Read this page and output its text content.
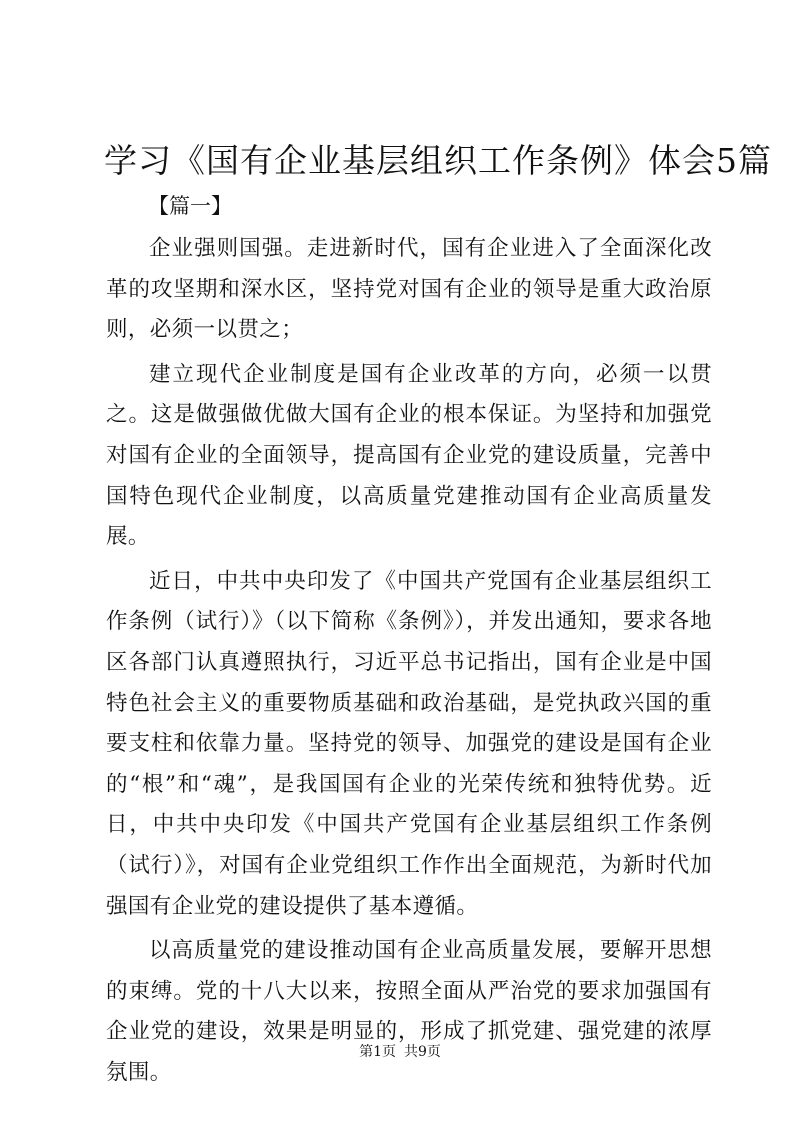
学习《国有企业基层组织工作条例》体会5篇
【篇一】

企业强则国强。走进新时代，国有企业进入了全面深化改革的攻坚期和深水区，坚持党对国有企业的领导是重大政治原则，必须一以贯之；

建立现代企业制度是国有企业改革的方向，必须一以贯之。这是做强做优做大国有企业的根本保证。为坚持和加强党对国有企业的全面领导，提高国有企业党的建设质量，完善中国特色现代企业制度，以高质量党建推动国有企业高质量发展。

近日，中共中央印发了《中国共产党国有企业基层组织工作条例（试行）》（以下简称《条例》），并发出通知，要求各地区各部门认真遵照执行，习近平总书记指出，国有企业是中国特色社会主义的重要物质基础和政治基础，是党执政兴国的重要支柱和依靠力量。坚持党的领导、加强党的建设是国有企业的“根”和“魂”，是我国国有企业的光荣传统和独特优势。近日，中共中央印发《中国共产党国有企业基层组织工作条例（试行）》，对国有企业党组织工作作出全面规范，为新时代加强国有企业党的建设提供了基本遵循。

以高质量党的建设推动国有企业高质量发展，要解开思想的束缚。党的十八大以来，按照全面从严治党的要求加强国有企业党的建设，效果是明显的，形成了抓党建、强党建的浓厚氛围。

第1页 共9页
